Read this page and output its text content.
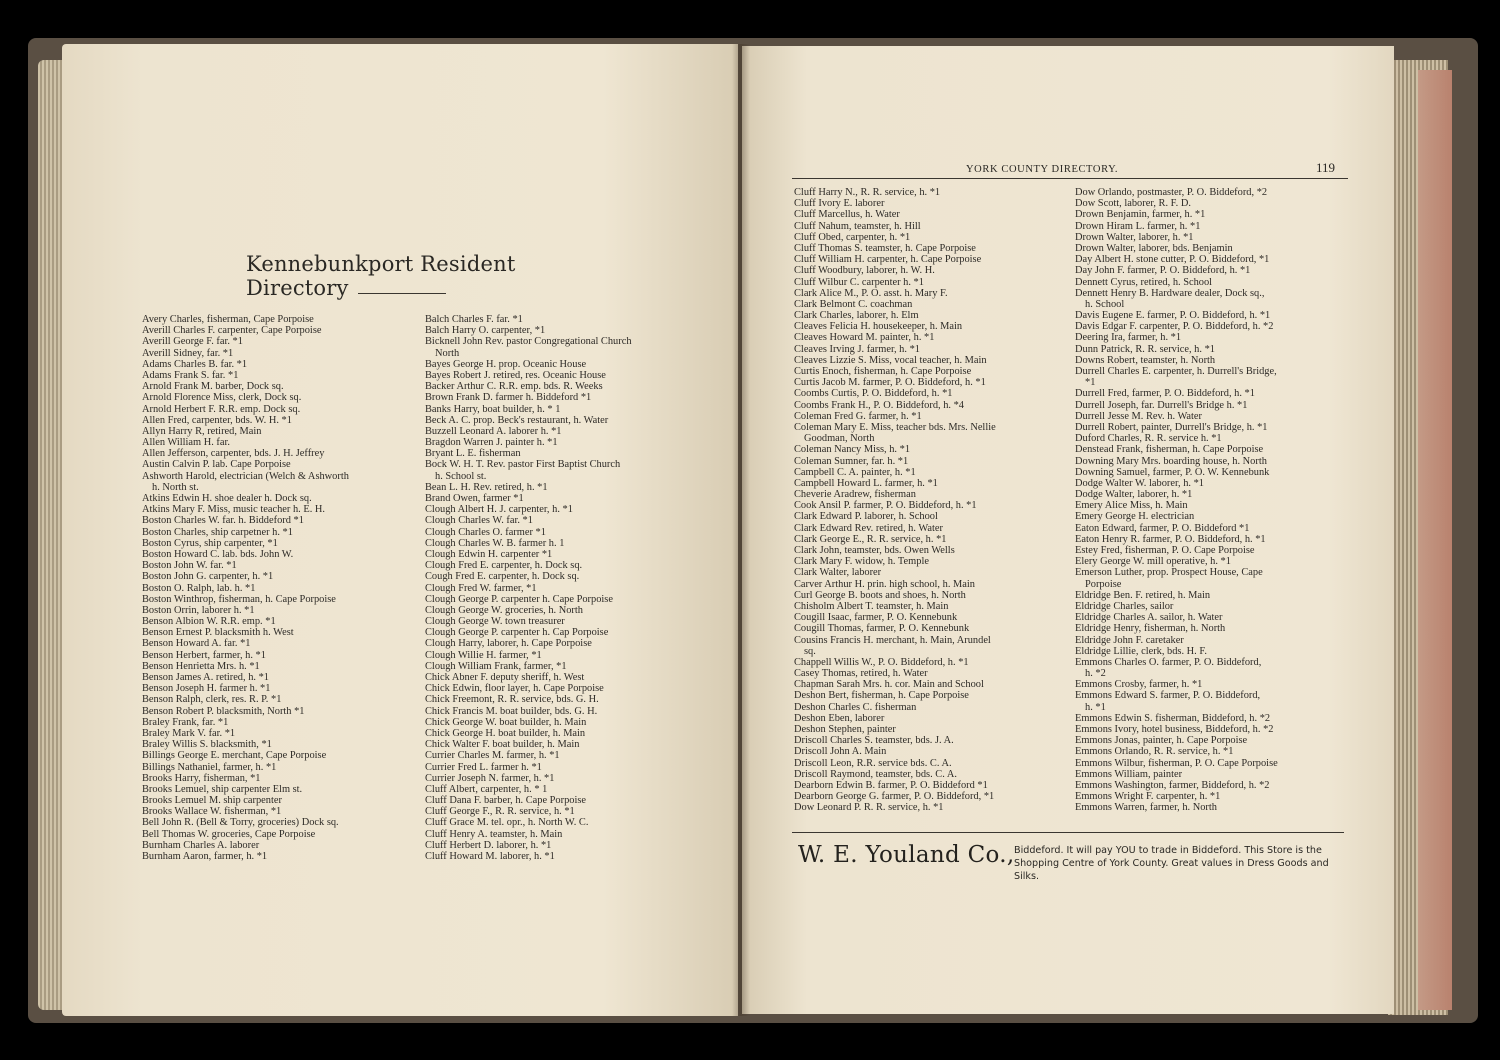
Kennebunkport Resident Directory
Avery Charles, fisherman, Cape Porpoise
Averill Charles F. carpenter, Cape Porpoise
Averill George F. far. *1
Averill Sidney, far. *1
Adams Charles B. far. *1
Adams Frank S. far. *1
Arnold Frank M. barber, Dock sq.
Arnold Florence Miss, clerk, Dock sq.
Arnold Herbert F. R.R. emp. Dock sq.
Allen Fred, carpenter, bds. W. H. *1
Allyn Harry R, retired, Main
Allen William H. far.
Allen Jefferson, carpenter, bds. J. H. Jeffrey
Austin Calvin P. lab. Cape Porpoise
Ashworth Harold, electrician (Welch & Ashworth
h. North st.
Atkins Edwin H. shoe dealer h. Dock sq.
Atkins Mary F. Miss, music teacher h. E. H.
Boston Charles W. far. h. Biddeford *1
Boston Charles, ship carpetner h. *1
Boston Cyrus, ship carpenter, *1
Boston Howard C. lab. bds. John W.
Boston John W. far. *1
Boston John G. carpenter, h. *1
Boston O. Ralph, lab. h. *1
Boston Winthrop, fisherman, h. Cape Porpoise
Boston Orrin, laborer h. *1
Benson Albion W. R.R. emp. *1
Benson Ernest P. blacksmith h. West
Benson Howard A. far. *1
Benson Herbert, farmer, h. *1
Benson Henrietta Mrs. h. *1
Benson James A. retired, h. *1
Benson Joseph H. farmer h. *1
Benson Ralph, clerk, res. R. P. *1
Benson Robert P. blacksmith, North *1
Braley Frank, far. *1
Braley Mark V. far. *1
Braley Willis S. blacksmith, *1
Billings George E. merchant, Cape Porpoise
Billings Nathaniel, farmer, h. *1
Brooks Harry, fisherman, *1
Brooks Lemuel, ship carpenter Elm st.
Brooks Lemuel M. ship carpenter
Brooks Wallace W. fisherman, *1
Bell John R. (Bell & Torry, groceries) Dock sq.
Bell Thomas W. groceries, Cape Porpoise
Burnham Charles A. laborer
Burnham Aaron, farmer, h. *1
Balch Charles F. far. *1
Balch Harry O. carpenter, *1
Bicknell John Rev. pastor Congregational Church
North
Bayes George H. prop. Oceanic House
Bayes Robert J. retired, res. Oceanic House
Backer Arthur C. R.R. emp. bds. R. Weeks
Brown Frank D. farmer h. Biddeford *1
Banks Harry, boat builder, h. * 1
Beck A. C. prop. Beck's restaurant, h. Water
Buzzell Leonard A. laborer h. *1
Bragdon Warren J. painter h. *1
Bryant L. E. fisherman
Bock W. H. T. Rev. pastor First Baptist Church
h. School st.
Bean L. H. Rev. retired, h. *1
Brand Owen, farmer *1
Clough Albert H. J. carpenter, h. *1
Clough Charles W. far. *1
Clough Charles O. farmer *1
Clough Charles W. B. farmer h. 1
Clough Edwin H. carpenter *1
Clough Fred E. carpenter, h. Dock sq.
Cough Fred E. carpenter, h. Dock sq.
Clough Fred W. farmer, *1
Clough George P. carpenter h. Cape Porpoise
Clough George W. groceries, h. North
Clough George W. town treasurer
Clough George P. carpenter h. Cap Porpoise
Clough Harry, laborer, h. Cape Porpoise
Clough Willie H. farmer, *1
Clough William Frank, farmer, *1
Chick Abner F. deputy sheriff, h. West
Chick Edwin, floor layer, h. Cape Porpoise
Chick Freemont, R. R. service, bds. G. H.
Chick Francis M. boat builder, bds. G. H.
Chick George W. boat builder, h. Main
Chick George H. boat builder, h. Main
Chick Walter F. boat builder, h. Main
Currier Charles M. farmer, h. *1
Currier Fred L. farmer h. *1
Currier Joseph N. farmer, h. *1
Cluff Albert, carpenter, h. * 1
Cluff Dana F. barber, h. Cape Porpoise
Cluff George F., R. R. service, h. *1
Cluff Grace M. tel. opr., h. North W. C.
Cluff Henry A. teamster, h. Main
Cluff Herbert D. laborer, h. *1
Cluff Howard M. laborer, h. *1
YORK COUNTY DIRECTORY.	119
Cluff Harry N., R. R. service, h. *1
Cluff Ivory E. laborer
Cluff Marcellus, h. Water
Cluff Nahum, teamster, h. Hill
Cluff Obed, carpenter, h. *1
Cluff Thomas S. teamster, h. Cape Porpoise
Cluff William H. carpenter, h. Cape Porpoise
Cluff Woodbury, laborer, h. W. H.
Cluff Wilbur C. carpenter h. *1
Clark Alice M., P. O. asst. h. Mary F.
Clark Belmont C. coachman
Clark Charles, laborer, h. Elm
Cleaves Felicia H. housekeeper, h. Main
Cleaves Howard M. painter, h. *1
Cleaves Irving J. farmer, h. *1
Cleaves Lizzie S. Miss, vocal teacher, h. Main
Curtis Enoch, fisherman, h. Cape Porpoise
Curtis Jacob M. farmer, P. O. Biddeford, h. *1
Coombs Curtis, P. O. Biddeford, h. *1
Coombs Frank H., P. O. Biddeford, h. *4
Coleman Fred G. farmer, h. *1
Coleman Mary E. Miss, teacher bds. Mrs. Nellie
Goodman, North
Coleman Nancy Miss, h. *1
Coleman Sumner, far. h. *1
Campbell C. A. painter, h. *1
Campbell Howard L. farmer, h. *1
Cheverie Aradrew, fisherman
Cook Ansil P. farmer, P. O. Biddeford, h. *1
Clark Edward P. laborer, h. School
Clark Edward Rev. retired, h. Water
Clark George E., R. R. service, h. *1
Clark John, teamster, bds. Owen Wells
Clark Mary F. widow, h. Temple
Clark Walter, laborer
Carver Arthur H. prin. high school, h. Main
Curl George B. boots and shoes, h. North
Chisholm Albert T. teamster, h. Main
Cougill Isaac, farmer, P. O. Kennebunk
Cougill Thomas, farmer, P. O. Kennebunk
Cousins Francis H. merchant, h. Main, Arundel
sq.
Chappell Willis W., P. O. Biddeford, h. *1
Casey Thomas, retired, h. Water
Chapman Sarah Mrs. h. cor. Main and School
Deshon Bert, fisherman, h. Cape Porpoise
Deshon Charles C. fisherman
Deshon Eben, laborer
Deshon Stephen, painter
Driscoll Charles S. teamster, bds. J. A.
Driscoll John A. Main
Driscoll Leon, R.R. service bds. C. A.
Driscoll Raymond, teamster, bds. C. A.
Dearborn Edwin B. farmer, P. O. Biddeford *1
Dearborn George G. farmer, P. O. Biddeford, *1
Dow Leonard P. R. R. service, h. *1
Dow Orlando, postmaster, P. O. Biddeford, *2
Dow Scott, laborer, R. F. D.
Drown Benjamin, farmer, h. *1
Drown Hiram L. farmer, h. *1
Drown Walter, laborer, h. *1
Drown Walter, laborer, bds. Benjamin
Day Albert H. stone cutter, P. O. Biddeford, *1
Day John F. farmer, P. O. Biddeford, h. *1
Dennett Cyrus, retired, h. School
Dennett Henry B. Hardware dealer, Dock sq.,
h. School
Davis Eugene E. farmer, P. O. Biddeford, h. *1
Davis Edgar F. carpenter, P. O. Biddeford, h. *2
Deering Ira, farmer, h. *1
Dunn Patrick, R. R. service, h. *1
Downs Robert, teamster, h. North
Durrell Charles E. carpenter, h. Durrell's Bridge,
*1
Durrell Fred, farmer, P. O. Biddeford, h. *1
Durrell Joseph, far. Durrell's Bridge h. *1
Durrell Jesse M. Rev. h. Water
Durrell Robert, painter, Durrell's Bridge, h. *1
Duford Charles, R. R. service h. *1
Denstead Frank, fisherman, h. Cape Porpoise
Downing Mary Mrs. boarding house, h. North
Downing Samuel, farmer, P. O. W. Kennebunk
Dodge Walter W. laborer, h. *1
Dodge Walter, laborer, h. *1
Emery Alice Miss, h. Main
Emery George H. electrician
Eaton Edward, farmer, P. O. Biddeford *1
Eaton Henry R. farmer, P. O. Biddeford, h. *1
Estey Fred, fisherman, P. O. Cape Porpoise
Elery George W. mill operative, h. *1
Emerson Luther, prop. Prospect House, Cape
Porpoise
Eldridge Ben. F. retired, h. Main
Eldridge Charles, sailor
Eldridge Charles A. sailor, h. Water
Eldridge Henry, fisherman, h. North
Eldridge John F. caretaker
Eldridge Lillie, clerk, bds. H. F.
Emmons Charles O. farmer, P. O. Biddeford,
h. *2
Emmons Crosby, farmer, h. *1
Emmons Edward S. farmer, P. O. Biddeford,
h. *1
Emmons Edwin S. fisherman, Biddeford, h. *2
Emmons Ivory, hotel business, Biddeford, h. *2
Emmons Jonas, painter, h. Cape Porpoise
Emmons Orlando, R. R. service, h. *1
Emmons Wilbur, fisherman, P. O. Cape Porpoise
Emmons William, painter
Emmons Washington, farmer, Biddeford, h. *2
Emmons Wright F. carpenter, h. *1
Emmons Warren, farmer, h. North
W. E. Youland Co., Biddeford. It will pay YOU to trade in Biddeford. This Store is the Shopping Centre of York County. Great values in Dress Goods and Silks.
